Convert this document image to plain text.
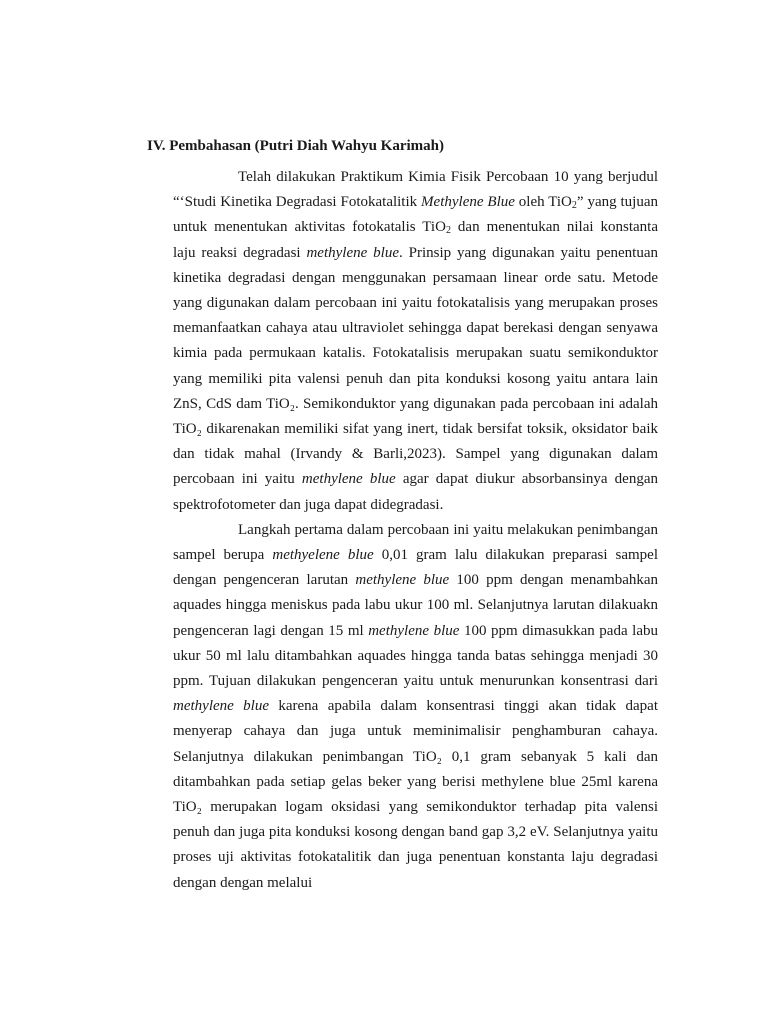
IV. Pembahasan (Putri Diah Wahyu Karimah)

Telah dilakukan Praktikum Kimia Fisik Percobaan 10 yang berjudul “‘Studi Kinetika Degradasi Fotokatalitik Methylene Blue oleh TiO$_2$” yang tujuan untuk menentukan aktivitas fotokatalis TiO$_2$ dan menentukan nilai konstanta laju reaksi degradasi methylene blue. Prinsip yang digunakan yaitu penentuan kinetika degradasi dengan menggunakan persamaan linear orde satu. Metode yang digunakan dalam percobaan ini yaitu fotokatalisis yang merupakan proses memanfaatkan cahaya atau ultraviolet sehingga dapat berekasi dengan senyawa kimia pada permukaan katalis. Fotokatalisis merupakan suatu semikonduktor yang memiliki pita valensi penuh dan pita konduksi kosong yaitu antara lain ZnS, CdS dam TiO₂. Semikonduktor yang digunakan pada percobaan ini adalah TiO₂ dikarenakan memiliki sifat yang inert, tidak bersifat toksik, oksidator baik dan tidak mahal (Irvandy & Barli,2023). Sampel yang digunakan dalam percobaan ini yaitu methylene blue agar dapat diukur absorbansinya dengan spektrofotometer dan juga dapat didegradasi.

Langkah pertama dalam percobaan ini yaitu melakukan penimbangan sampel berupa methyelene blue 0,01 gram lalu dilakukan preparasi sampel dengan pengenceran larutan methylene blue 100 ppm dengan menambahkan aquades hingga meniskus pada labu ukur 100 ml. Selanjutnya larutan dilakuakn pengenceran lagi dengan 15 ml methylene blue 100 ppm dimasukkan pada labu ukur 50 ml lalu ditambahkan aquades hingga tanda batas sehingga menjadi 30 ppm. Tujuan dilakukan pengenceran yaitu untuk menurunkan konsentrasi dari methylene blue karena apabila dalam konsentrasi tinggi akan tidak dapat menyerap cahaya dan juga untuk meminimalisir penghamburan cahaya. Selanjutnya dilakukan penimbangan TiO₂ 0,1 gram sebanyak 5 kali dan ditambahkan pada setiap gelas beker yang berisi methylene blue 25ml karena TiO₂ merupakan logam oksidasi yang semikonduktor terhadap pita valensi penuh dan juga pita konduksi kosong dengan band gap 3,2 eV. Selanjutnya yaitu proses uji aktivitas fotokatalitik dan juga penentuan konstanta laju degradasi dengan dengan melalui
